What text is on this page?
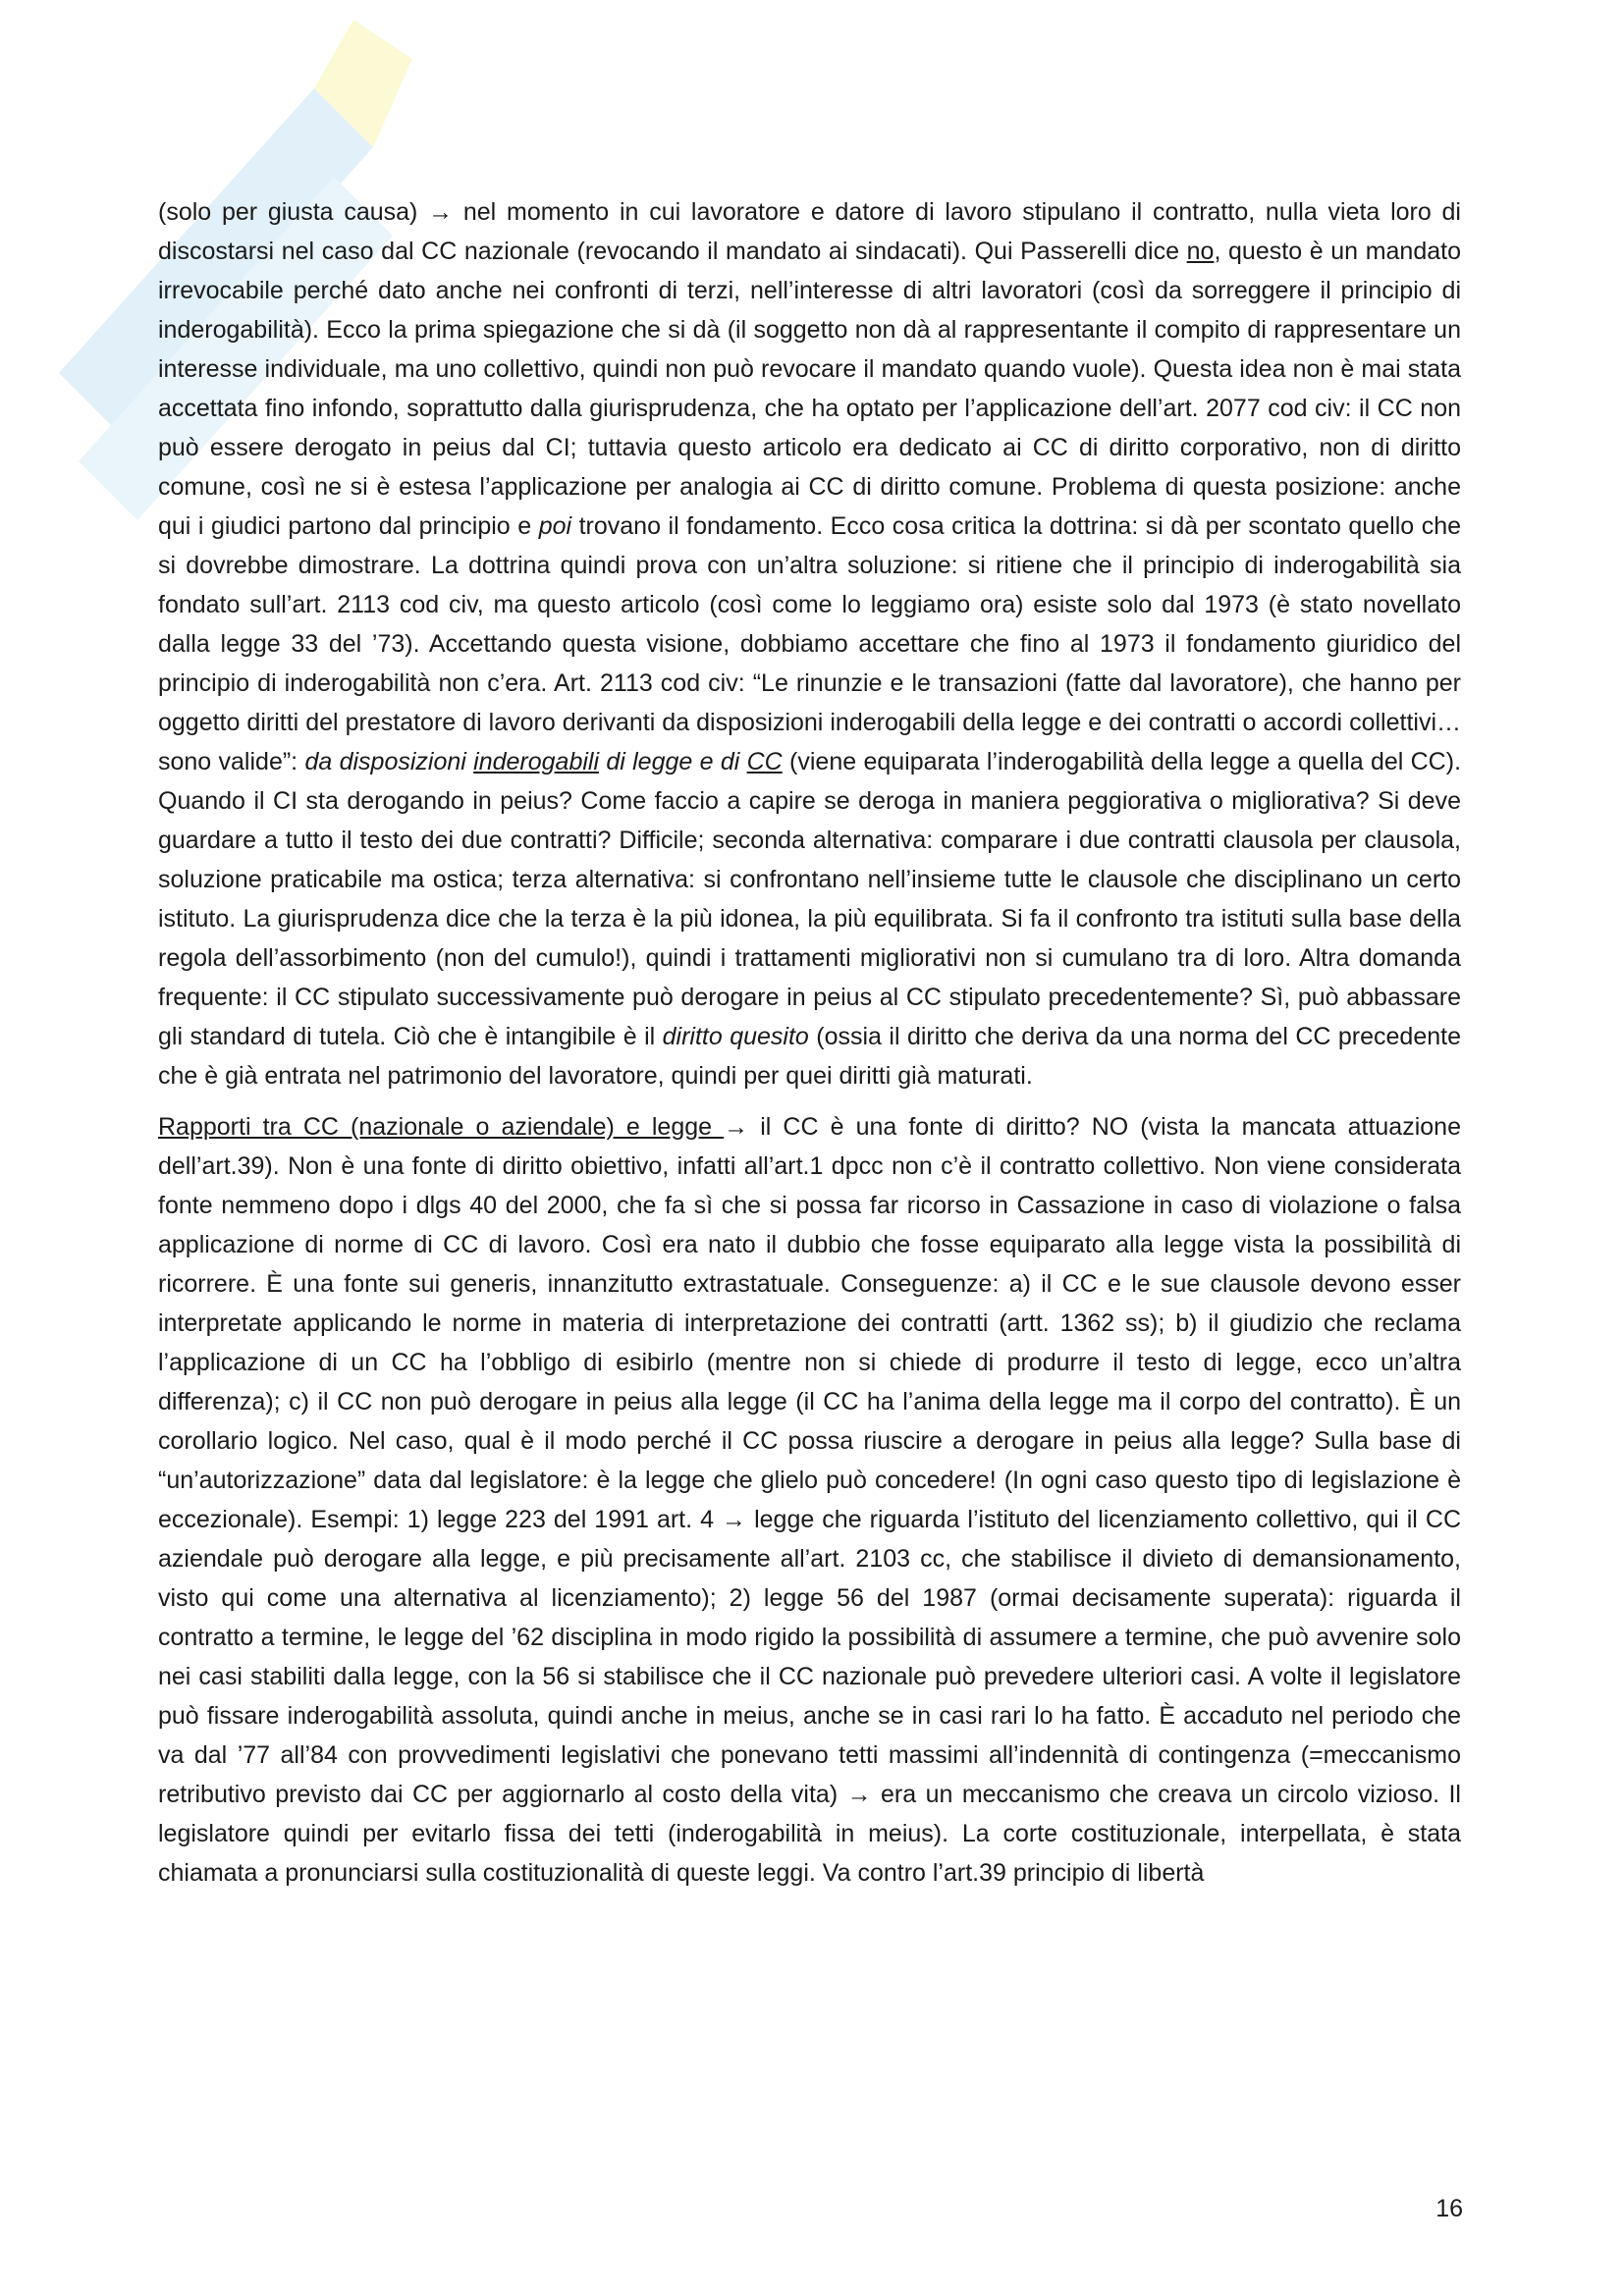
(solo per giusta causa) → nel momento in cui lavoratore e datore di lavoro stipulano il contratto, nulla vieta loro di discostarsi nel caso dal CC nazionale (revocando il mandato ai sindacati). Qui Passerelli dice no, questo è un mandato irrevocabile perché dato anche nei confronti di terzi, nell’interesse di altri lavoratori (così da sorreggere il principio di inderogabilità). Ecco la prima spiegazione che si dà (il soggetto non dà al rappresentante il compito di rappresentare un interesse individuale, ma uno collettivo, quindi non può revocare il mandato quando vuole). Questa idea non è mai stata accettata fino infondo, soprattutto dalla giurisprudenza, che ha optato per l’applicazione dell’art. 2077 cod civ: il CC non può essere derogato in peius dal CI; tuttavia questo articolo era dedicato ai CC di diritto corporativo, non di diritto comune, così ne si è estesa l’applicazione per analogia ai CC di diritto comune. Problema di questa posizione: anche qui i giudici partono dal principio e poi trovano il fondamento. Ecco cosa critica la dottrina: si dà per scontato quello che si dovrebbe dimostrare. La dottrina quindi prova con un’altra soluzione: si ritiene che il principio di inderogabilità sia fondato sull’art. 2113 cod civ, ma questo articolo (così come lo leggiamo ora) esiste solo dal 1973 (è stato novellato dalla legge 33 del ’73). Accettando questa visione, dobbiamo accettare che fino al 1973 il fondamento giuridico del principio di inderogabilità non c’era. Art. 2113 cod civ: “Le rinunzie e le transazioni (fatte dal lavoratore), che hanno per oggetto diritti del prestatore di lavoro derivanti da disposizioni inderogabili della legge e dei contratti o accordi collettivi…sono valide”: da disposizioni inderogabili di legge e di CC (viene equiparata l’inderogabilità della legge a quella del CC). Quando il CI sta derogando in peius? Come faccio a capire se deroga in maniera peggiorativa o migliorativa? Si deve guardare a tutto il testo dei due contratti? Difficile; seconda alternativa: comparare i due contratti clausola per clausola, soluzione praticabile ma ostica; terza alternativa: si confrontano nell’insieme tutte le clausole che disciplinano un certo istituto. La giurisprudenza dice che la terza è la più idonea, la più equilibrata. Si fa il confronto tra istituti sulla base della regola dell’assorbimento (non del cumulo!), quindi i trattamenti migliorativi non si cumulano tra di loro. Altra domanda frequente: il CC stipulato successivamente può derogare in peius al CC stipulato precedentemente? Sì, può abbassare gli standard di tutela. Ciò che è intangibile è il diritto quesito (ossia il diritto che deriva da una norma del CC precedente che è già entrata nel patrimonio del lavoratore, quindi per quei diritti già maturati.

Rapporti tra CC (nazionale o aziendale) e legge → il CC è una fonte di diritto? NO (vista la mancata attuazione dell’art.39). Non è una fonte di diritto obiettivo, infatti all’art.1 dpcc non c’è il contratto collettivo. Non viene considerata fonte nemmeno dopo i dlgs 40 del 2000, che fa sì che si possa far ricorso in Cassazione in caso di violazione o falsa applicazione di norme di CC di lavoro. Così era nato il dubbio che fosse equiparato alla legge vista la possibilità di ricorrere. È una fonte sui generis, innanzitutto extrastatuale. Conseguenze: a) il CC e le sue clausole devono esser interpretate applicando le norme in materia di interpretazione dei contratti (artt. 1362 ss); b) il giudizio che reclama l’applicazione di un CC ha l’obbligo di esibirlo (mentre non si chiede di produrre il testo di legge, ecco un’altra differenza); c) il CC non può derogare in peius alla legge (il CC ha l’anima della legge ma il corpo del contratto). È un corollario logico. Nel caso, qual è il modo perché il CC possa riuscire a derogare in peius alla legge? Sulla base di “un’autorizzazione” data dal legislatore: è la legge che glielo può concedere! (In ogni caso questo tipo di legislazione è eccezionale). Esempi: 1) legge 223 del 1991 art. 4 → legge che riguarda l’istituto del licenziamento collettivo, qui il CC aziendale può derogare alla legge, e più precisamente all’art. 2103 cc, che stabilisce il divieto di demansionamento, visto qui come una alternativa al licenziamento); 2) legge 56 del 1987 (ormai decisamente superata): riguarda il contratto a termine, le legge del ’62 disciplina in modo rigido la possibilità di assumere a termine, che può avvenire solo nei casi stabiliti dalla legge, con la 56 si stabilisce che il CC nazionale può prevedere ulteriori casi. A volte il legislatore può fissare inderogabilità assoluta, quindi anche in meius, anche se in casi rari lo ha fatto. È accaduto nel periodo che va dal ’77 all’84 con provvedimenti legislativi che ponevano tetti massimi all’indennità di contingenza (=meccanismo retributivo previsto dai CC per aggiornarlo al costo della vita) → era un meccanismo che creava un circolo vizioso. Il legislatore quindi per evitarlo fissa dei tetti (inderogabilità in meius). La corte costituzionale, interpellata, è stata chiamata a pronunciarsi sulla costituzionalità di queste leggi. Va contro l’art.39 principio di libertà

16
